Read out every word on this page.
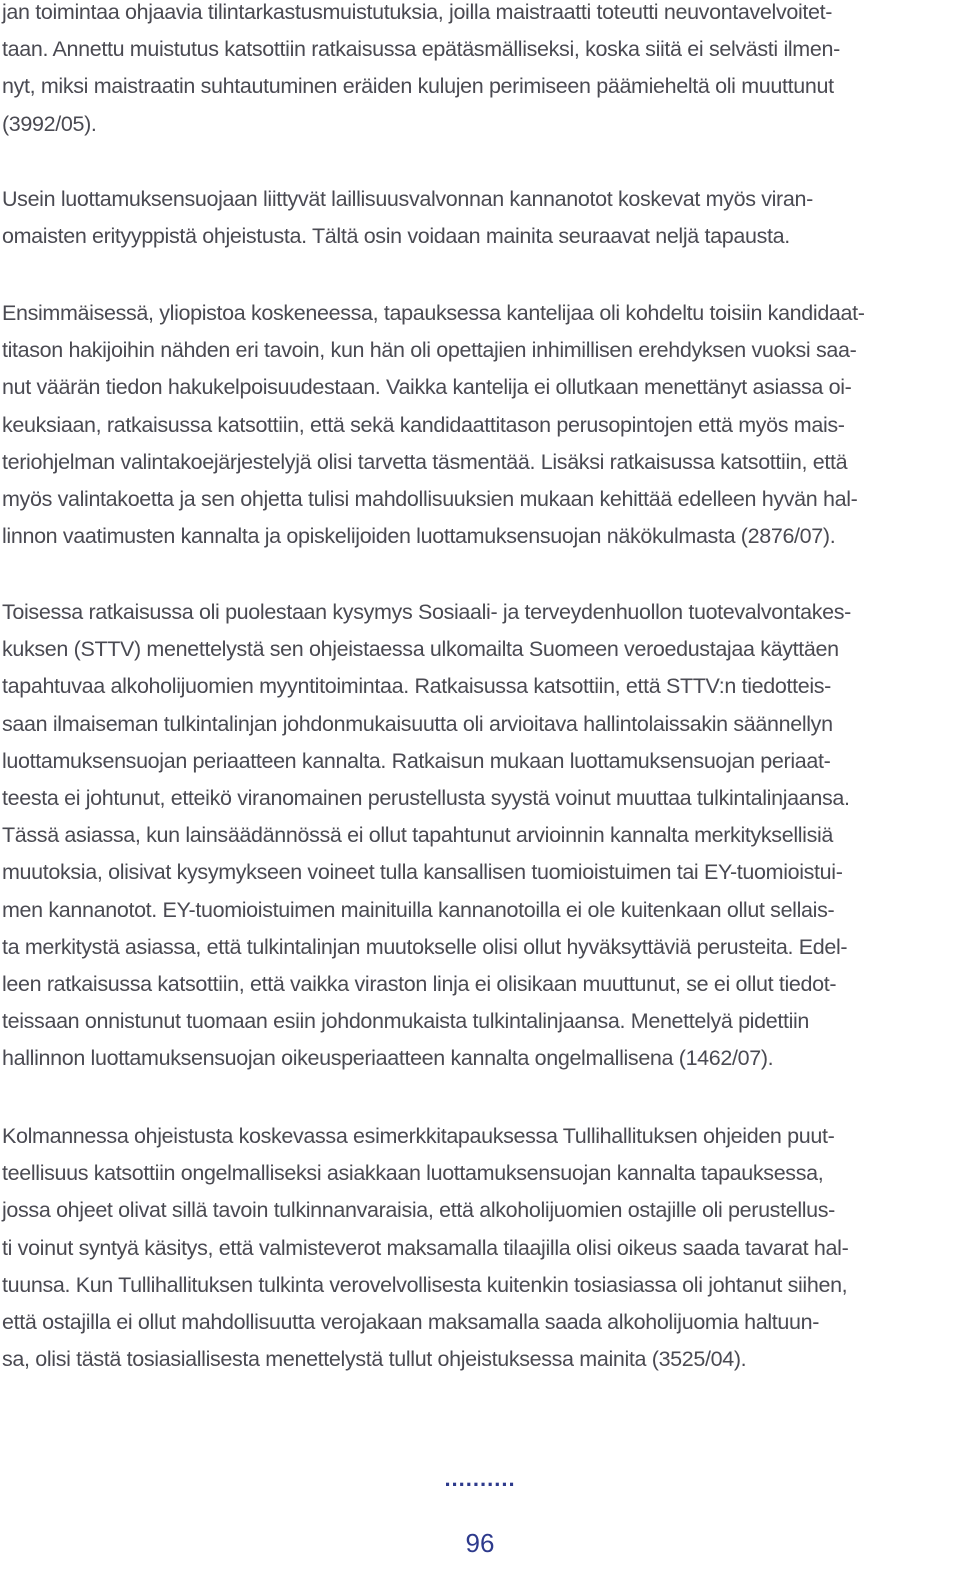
jan toimintaa ohjaavia tilintarkastusmuistutuksia, joilla maistraatti toteutti neuvontavelvoitet-
taan. Annettu muistutus katsottiin ratkaisussa epätäsmälliseksi, koska siitä ei selvästi ilmen-
nyt, miksi maistraatin suhtautuminen eräiden kulujen perimiseen päämieheltä oli muuttunut
(3992/05).

Usein luottamuksensuojaan liittyvät laillisuusvalvonnan kannanotot koskevat myös viran-
omaisten erityyppistä ohjeistusta. Tältä osin voidaan mainita seuraavat neljä tapausta.

Ensimmäisessä, yliopistoa koskeneessa, tapauksessa kantelijaa oli kohdeltu toisiin kandidaat-
titason hakijoihin nähden eri tavoin, kun hän oli opettajien inhimillisen erehdyksen vuoksi saa-
nut väärän tiedon hakukelpoisuudestaan. Vaikka kantelija ei ollutkaan menettänyt asiassa oi-
keuksiaan, ratkaisussa katsottiin, että sekä kandidaattitason perusopintojen että myös mais-
teriohjelman valintakoejärjestelyjä olisi tarvetta täsmentää. Lisäksi ratkaisussa katsottiin, että
myös valintakoetta ja sen ohjetta tulisi mahdollisuuksien mukaan kehittää edelleen hyvän hal-
linnon vaatimusten kannalta ja opiskelijoiden luottamuksensuojan näkökulmasta (2876/07).

Toisessa ratkaisussa oli puolestaan kysymys Sosiaali- ja terveydenhuollon tuotevalvontakes-
kuksen (STTV) menettelystä sen ohjeistaessa ulkomailta Suomeen veroedustajaa käyttäen
tapahtuvaa alkoholijuomien myyntitoimintaa. Ratkaisussa katsottiin, että STTV:n tiedotteis-
saan ilmaiseman tulkintalinjan johdonmukaisuutta oli arvioitava hallintolaissakin säännellyn
luottamuksensuojan periaatteen kannalta. Ratkaisun mukaan luottamuksensuojan periaat-
teesta ei johtunut, etteikö viranomainen perustellusta syystä voinut muuttaa tulkintalinjaansa.
Tässä asiassa, kun lainsäädännössä ei ollut tapahtunut arvioinnin kannalta merkityksellisiä
muutoksia, olisivat kysymykseen voineet tulla kansallisen tuomioistuimen tai EY-tuomioistui-
men kannanotot. EY-tuomioistuimen mainituilla kannanotoilla ei ole kuitenkaan ollut sellais-
ta merkitystä asiassa, että tulkintalinjan muutokselle olisi ollut hyväksyttäviä perusteita. Edel-
leen ratkaisussa katsottiin, että vaikka viraston linja ei olisikaan muuttunut, se ei ollut tiedot-
teissaan onnistunut tuomaan esiin johdonmukaista tulkintalinjaansa. Menettelyä pidettiin
hallinnon luottamuksensuojan oikeusperiaatteen kannalta ongelmallisena (1462/07).

Kolmannessa ohjeistusta koskevassa esimerkkitapauksessa Tullihallituksen ohjeiden puut-
teellisuus katsottiin ongelmalliseksi asiakkaan luottamuksensuojan kannalta tapauksessa,
jossa ohjeet olivat sillä tavoin tulkinnanvaraisia, että alkoholijuomien ostajille oli perustellus-
ti voinut syntyä käsitys, että valmisteverot maksamalla tilaajilla olisi oikeus saada tavarat hal-
tuunsa. Kun Tullihallituksen tulkinta verovelvollisesta kuitenkin tosiasiassa oli johtanut siihen,
että ostajilla ei ollut mahdollisuutta verojakaan maksamalla saada alkoholijuomia haltuun-
sa, olisi tästä tosiasiallisesta menettelystä tullut ohjeistuksessa mainita (3525/04).

..........
96
